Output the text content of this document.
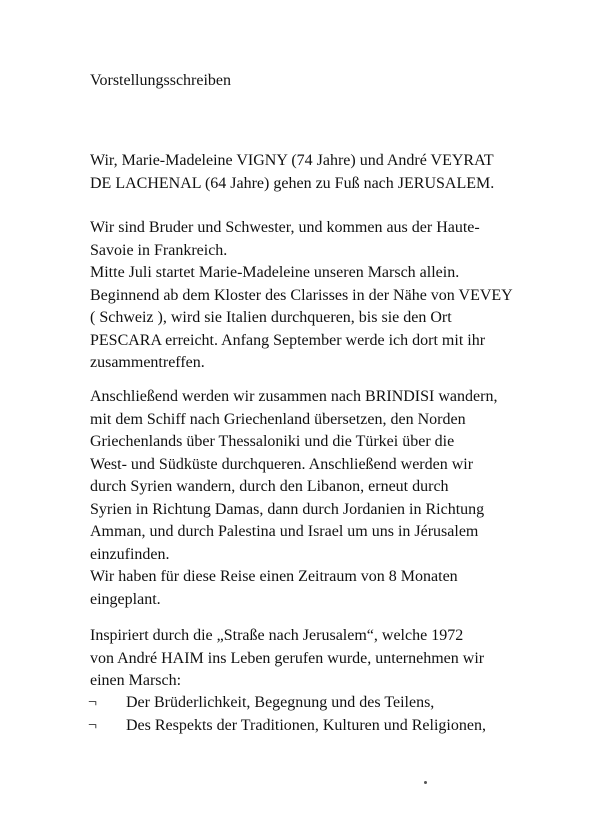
Vorstellungsschreiben
Wir, Marie-Madeleine VIGNY (74 Jahre) und André VEYRAT
DE LACHENAL (64 Jahre) gehen zu Fuß nach JERUSALEM.
Wir sind Bruder und Schwester, und kommen aus der Haute-
Savoie in Frankreich.
Mitte Juli startet Marie-Madeleine unseren Marsch allein.
Beginnend ab dem Kloster des Clarisses in der Nähe von VEVEY
( Schweiz ), wird sie Italien durchqueren, bis sie den Ort
PESCARA erreicht. Anfang September werde ich dort mit ihr
zusammentreffen.
Anschließend werden wir zusammen nach BRINDISI wandern,
mit dem Schiff nach Griechenland übersetzen, den Norden
Griechenlands über Thessaloniki und die Türkei über die
West- und Südküste durchqueren. Anschließend werden wir
durch Syrien wandern, durch den Libanon, erneut durch
Syrien in Richtung Damas, dann durch Jordanien in Richtung
Amman, und durch Palestina und Israel um uns in Jérusalem
einzufinden.
Wir haben für diese Reise einen Zeitraum von 8 Monaten
eingeplant.
Inspiriert durch die „Straße nach Jerusalem“, welche 1972
von André HAIM ins Leben gerufen wurde, unternehmen wir
einen Marsch:
¬	Der Brüderlichkeit, Begegnung und des Teilens,
¬	Des Respekts der Traditionen, Kulturen und Religionen,
